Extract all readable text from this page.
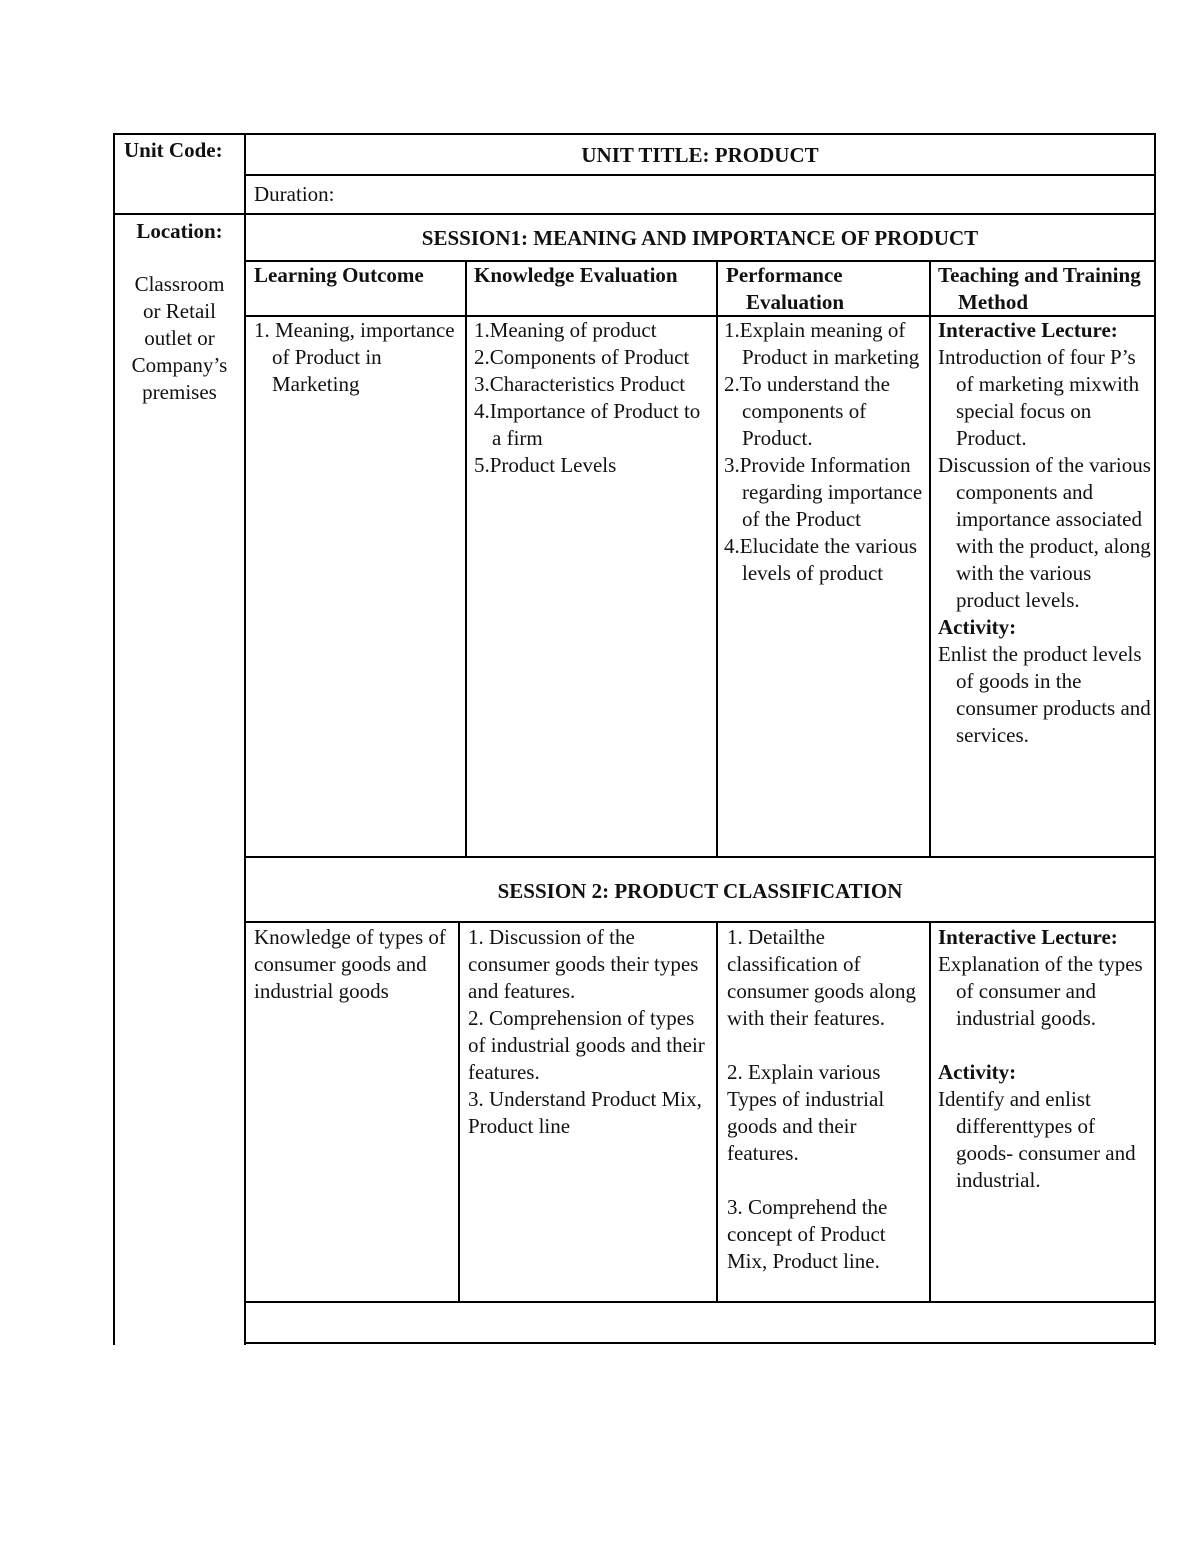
Unit Code:
Location:
Classroom
or Retail
outlet or
Company’s
premises
UNIT TITLE: PRODUCT
Duration:
SESSION1: MEANING AND IMPORTANCE OF PRODUCT
Learning Outcome	Knowledge Evaluation	Performance Evaluation

Teaching and Training Method

1. Meaning, importance of Product in Marketing

1.Meaning of product
2.Components of Product
3.Characteristics Product
4.Importance of Product to a firm
5.Product Levels
1.Explain meaning of Product in marketing
2.To understand the components of Product.
3.Provide Information regarding importance of the Product
4.Elucidate the various levels of product
Interactive Lecture:
Introduction of four P’s of marketing mixwith special focus on Product.
Discussion of the various components and importance associated with the product, along with the various product levels.
Activity:
Enlist the product levels of goods in the consumer products and services.
SESSION 2: PRODUCT CLASSIFICATION
Knowledge of types of consumer goods and industrial goods
1. Discussion of the consumer goods their types and features.
2. Comprehension of types of industrial goods and their features.
3. Understand Product Mix, Product line
1. Detailthe classification of consumer goods along with their features.
2. Explain various Types of industrial goods and their features.
3. Comprehend the concept of Product Mix, Product line.
Interactive Lecture:
Explanation of the types of consumer and industrial goods.
Activity:
Identify and enlist differenttypes of goods- consumer and industrial.
